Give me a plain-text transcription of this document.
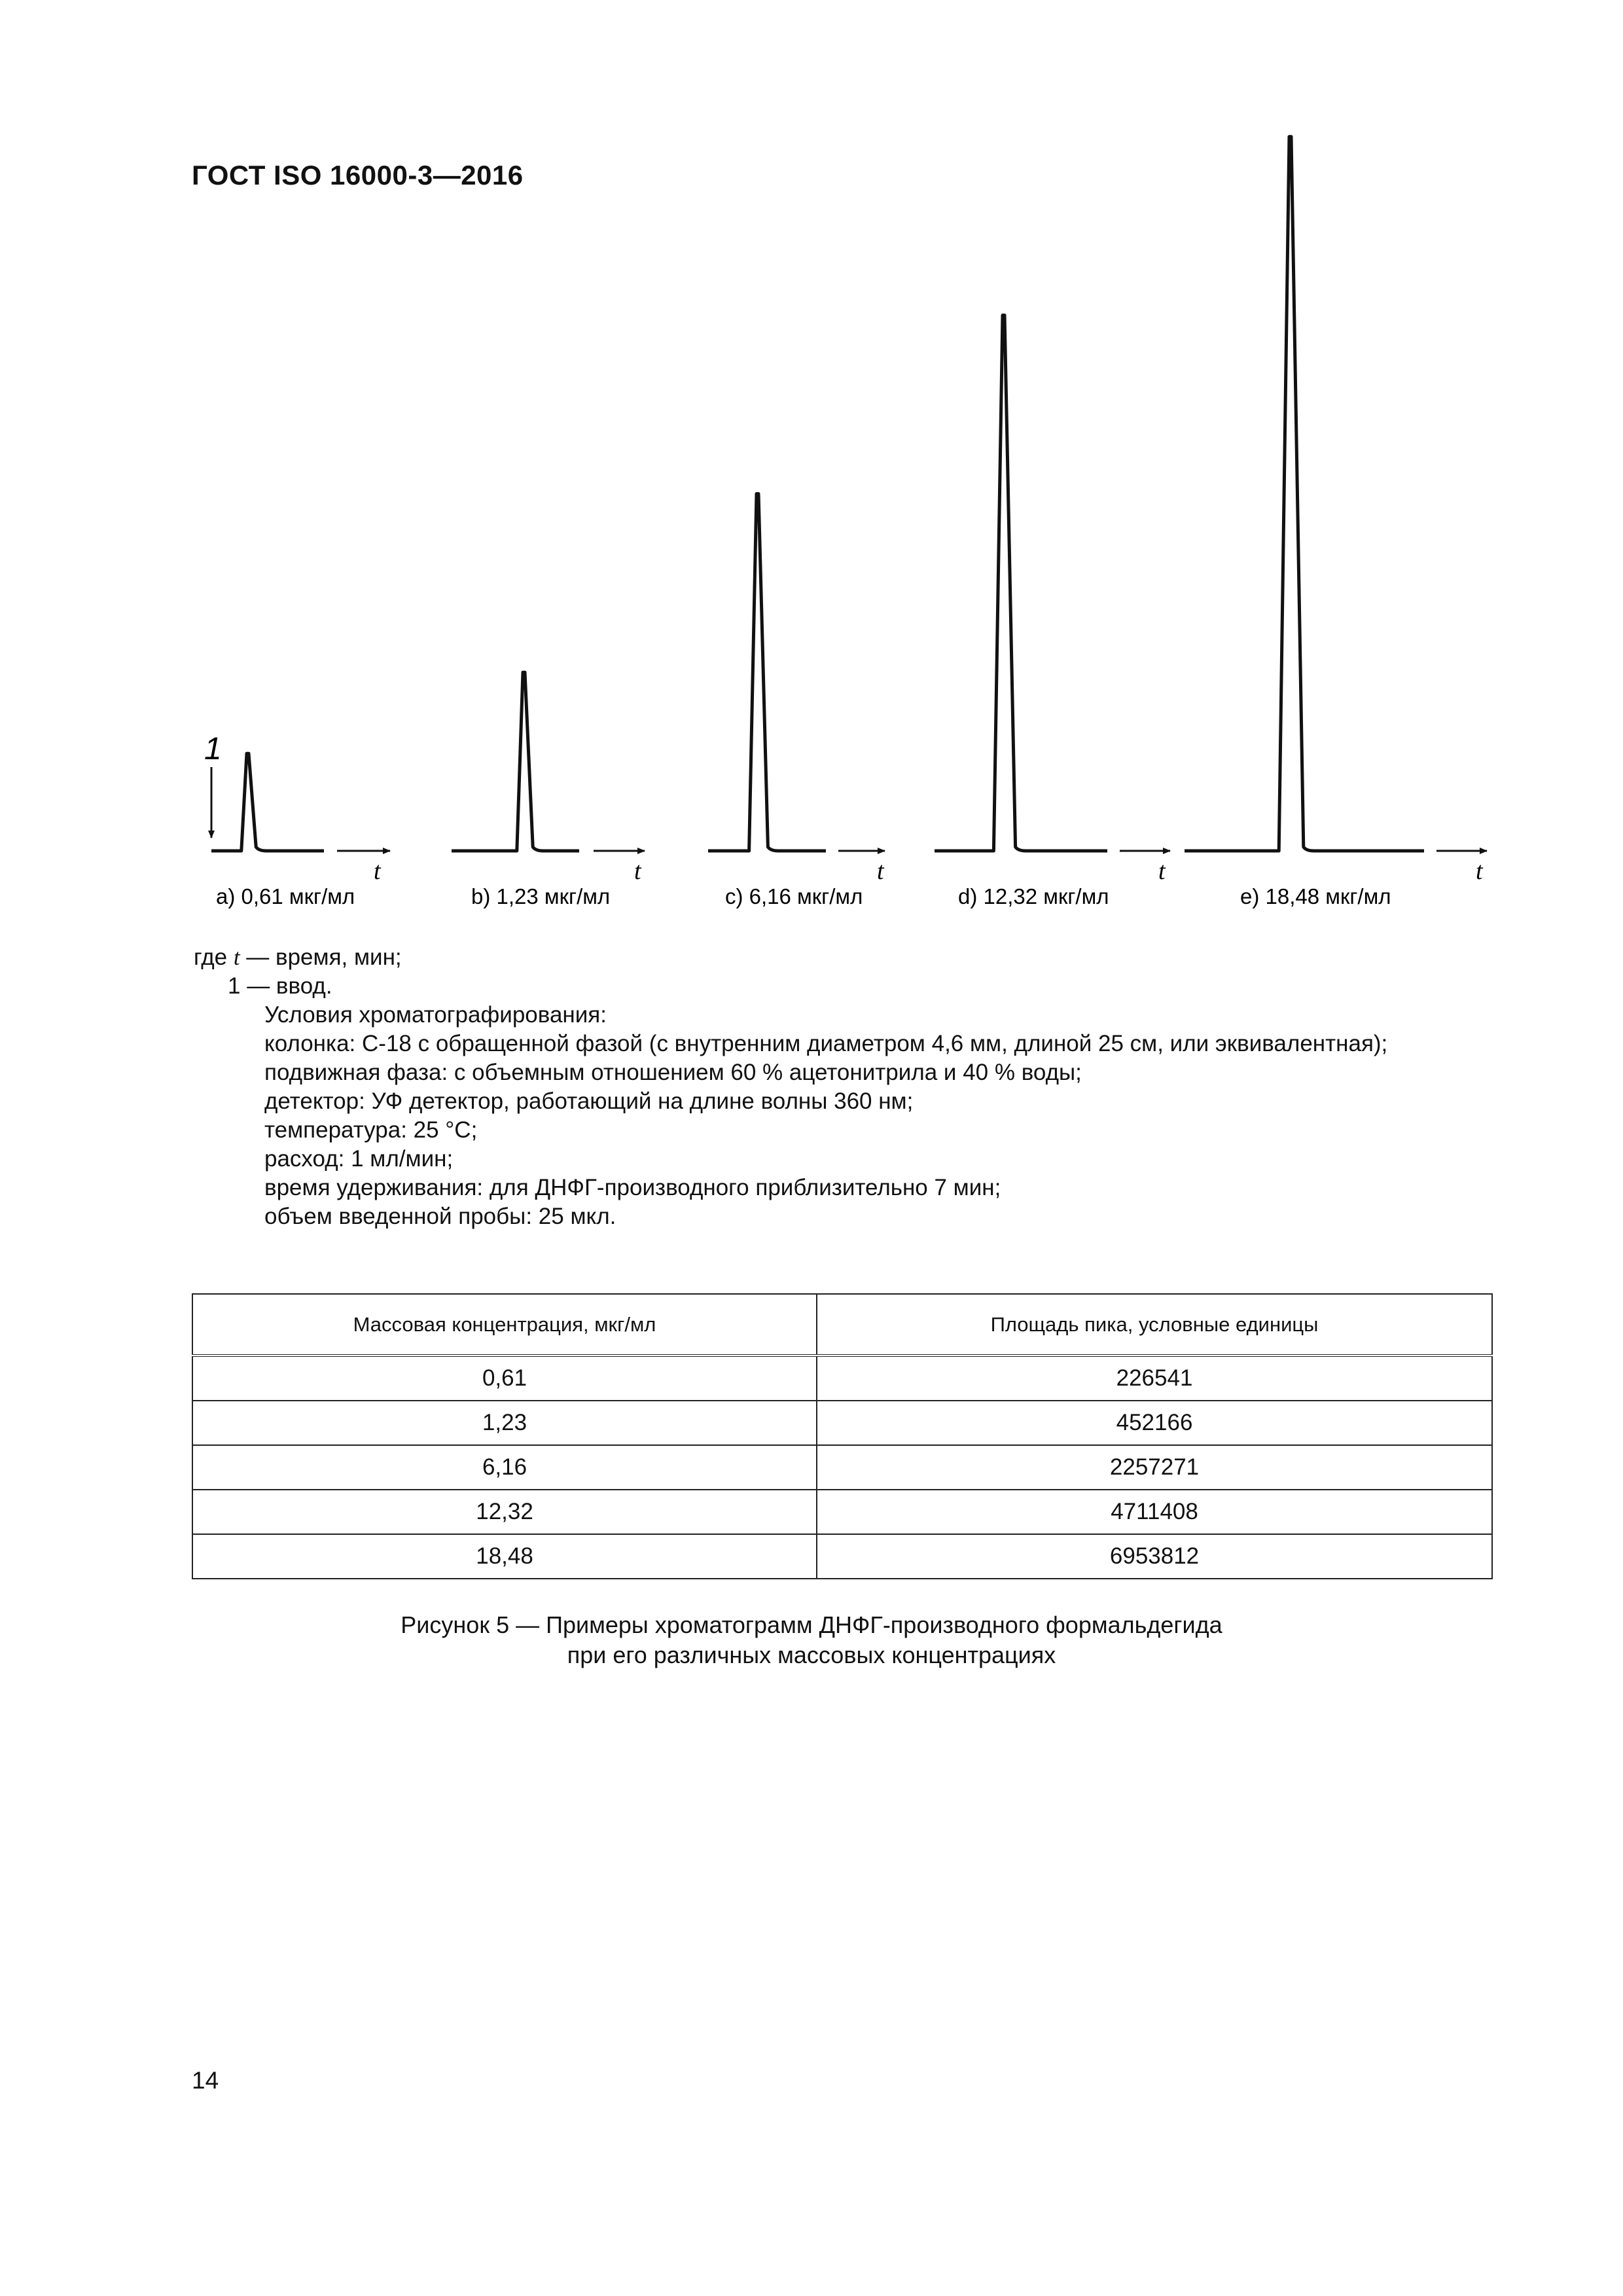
ГОСТ ISO 16000-3—2016
1
t
a) 0,61 мкг/мл
t
b) 1,23 мкг/мл
t
c) 6,16 мкг/мл
t
d) 12,32 мкг/мл
t
e) 18,48 мкг/мл
где t — время, мин;
1 — ввод.
Условия хроматографирования:
колонка: С-18 с обращенной фазой (с внутренним диаметром 4,6 мм, длиной 25 см, или эквивалентная);
подвижная фаза: с объемным отношением 60 % ацетонитрила и 40 % воды;
детектор: УФ детектор, работающий на длине волны 360 нм;
температура: 25 °С;
расход: 1 мл/мин;
время удерживания: для ДНФГ-производного приблизительно 7 мин;
объем введенной пробы: 25 мкл.
Массовая концентрация, мкг/мл	Площадь пика, условные единицы
0,61	226541
1,23	452166
6,16	2257271
12,32	4711408
18,48	6953812
Рисунок 5 — Примеры хроматограмм ДНФГ-производного формальдегида
при его различных массовых концентрациях
14
